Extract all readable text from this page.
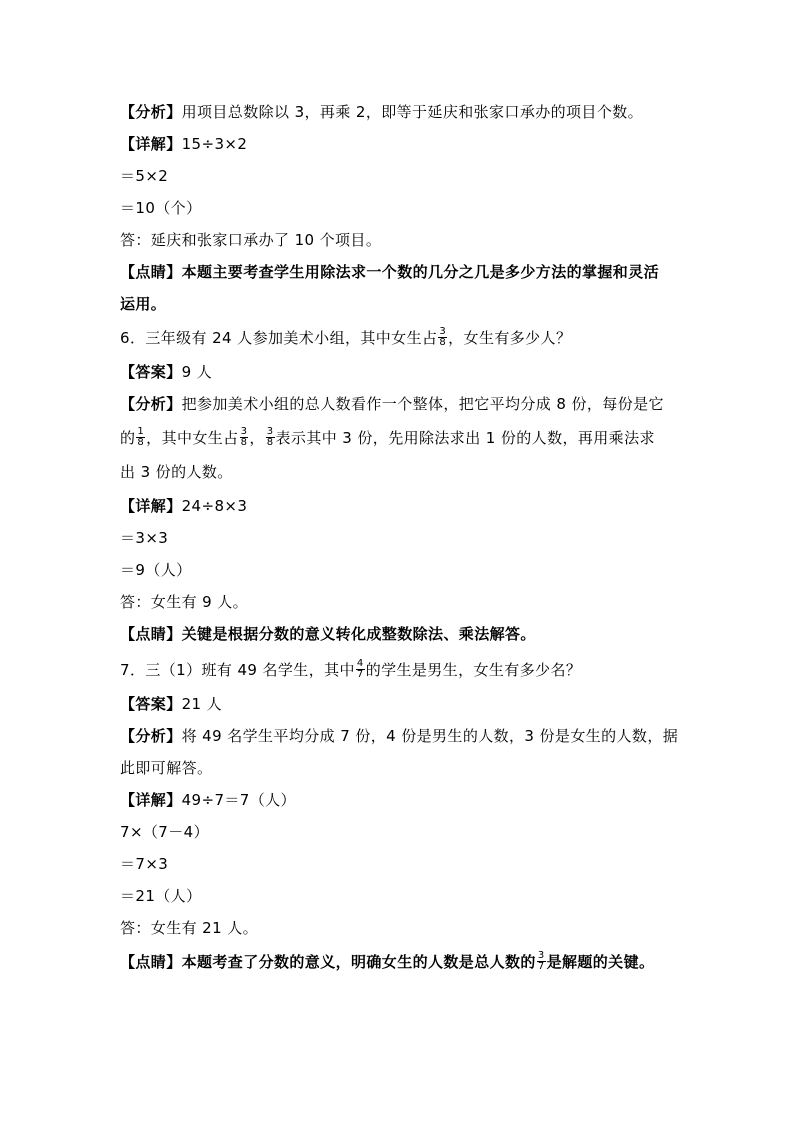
【分析】用项目总数除以 3，再乘 2，即等于延庆和张家口承办的项目个数。
【详解】15÷3×2
＝5×2
＝10（个）
答：延庆和张家口承办了 10 个项目。
【点睛】本题主要考查学生用除法求一个数的几分之几是多少方法的掌握和灵活
运用。
6．三年级有 24 人参加美术小组，其中女生占 $\frac{3}{8}$ ，女生有多少人？
【答案】9 人
【分析】把参加美术小组的总人数看作一个整体，把它平均分成 8 份，每份是它
的 $\frac{1}{8}$ ，其中女生占 $\frac{3}{8}$ ， $\frac{3}{8}$ 表示其中 3 份，先用除法求出 1 份的人数，再用乘法求
出 3 份的人数。
【详解】24÷8×3
＝3×3
＝9（人）
答：女生有 9 人。
【点睛】关键是根据分数的意义转化成整数除法、乘法解答。
7．三（1）班有 49 名学生，其中 $\frac{4}{7}$ 的学生是男生，女生有多少名？
【答案】21 人
【分析】将 49 名学生平均分成 7 份，4 份是男生的人数，3 份是女生的人数，据
此即可解答。
【详解】49÷7＝7（人）
7×（7－4）
＝7×3
＝21（人）
答：女生有 21 人。
【点睛】本题考查了分数的意义，明确女生的人数是总人数的 $\frac{3}{7}$ 是解题的关键。
